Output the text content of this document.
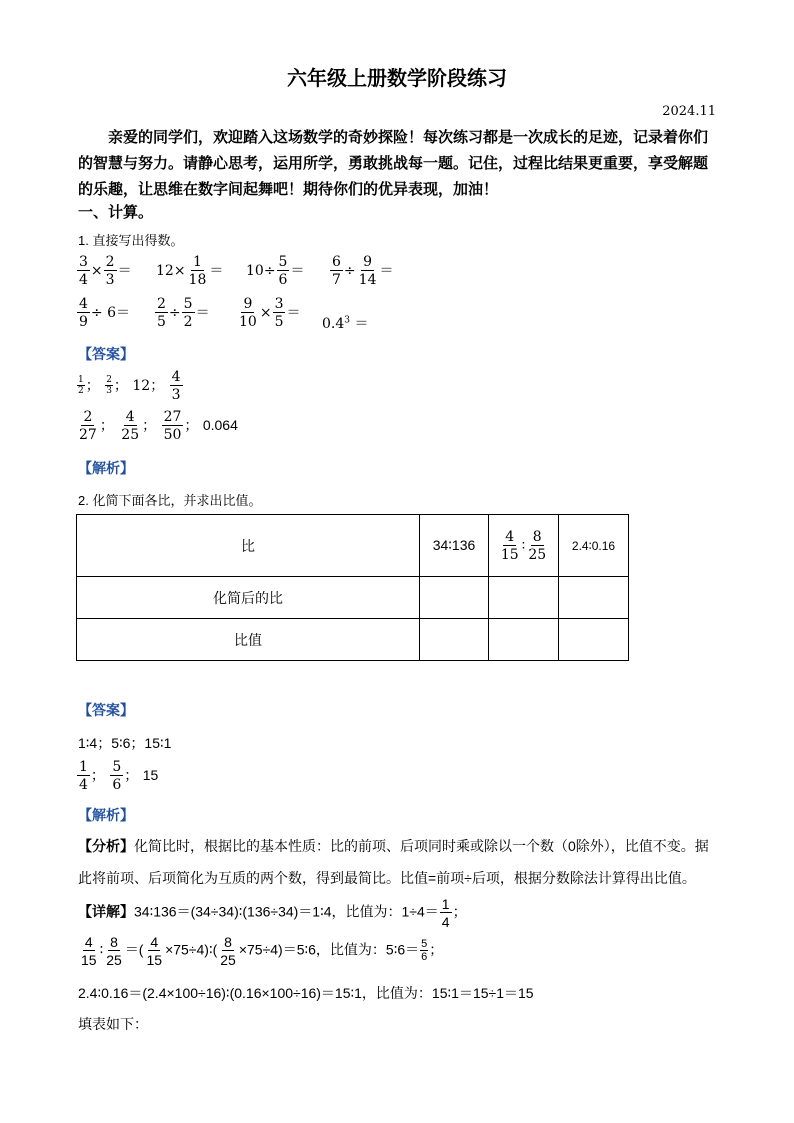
六年级上册数学阶段练习
2024.11
亲爱的同学们，欢迎踏入这场数学的奇妙探险！每次练习都是一次成长的足迹，记录着你们的智慧与努力。请静心思考，运用所学，勇敢挑战每一题。记住，过程比结果更重要，享受解题的乐趣，让思维在数字间起舞吧！期待你们的优异表现，加油！
一、计算。
1. 直接写出得数。
$\frac{3}{4} \times \frac{2}{3} = 12\times \frac{1}{18} = 10\div \frac{5}{6} = \frac{6}{7} \div \frac{9}{14}$ ＝
$\frac{4}{9} \div 6= \frac{2}{5} \div \frac{5}{2} = \frac{9}{10} \times \frac{3}{5}$ ＝
$0.4^3$ ＝
【答案】
$\frac{1}{2}$ ； $\frac{2}{3}$ ； 12； $\frac{4}{3}$
$\frac{2}{27}$ ； $\frac{4}{25}$ ； $\frac{27}{50}$ ； 0.064
【解析】
2. 化简下面各比，并求出比值。
比	34∶136	$\frac{4}{15}$ ∶ $\frac{8}{25}$	2.4∶0.16
化简后的比			
比值			
【答案】
1∶4；5∶6；15∶1
$\frac{1}{4}$ ； $\frac{5}{6}$ ； 15
【解析】
【分析】化简比时，根据比的基本性质：比的前项、后项同时乘或除以一个数（0除外），比值不变。据
此将前项、后项简化为互质的两个数，得到最简比。比值=前项÷后项，根据分数除法计算得出比值。
【详解】34∶136＝(34÷34)∶(136÷34)＝1∶4，比值为：$1\div 4= \frac{1}{4}$ ；
$\frac{4}{15}$ ∶ $\frac{8}{25}$ ＝( $\frac{4}{15}$ ×75÷4)∶( $\frac{8}{25}$ ×75÷4)＝5∶6，比值为：5∶6＝ $\frac{5}{6}$ ；
2.4∶0.16＝(2.4×100÷16)∶(0.16×100÷16)＝15∶1，比值为：15∶1＝15÷1＝15
填表如下：
